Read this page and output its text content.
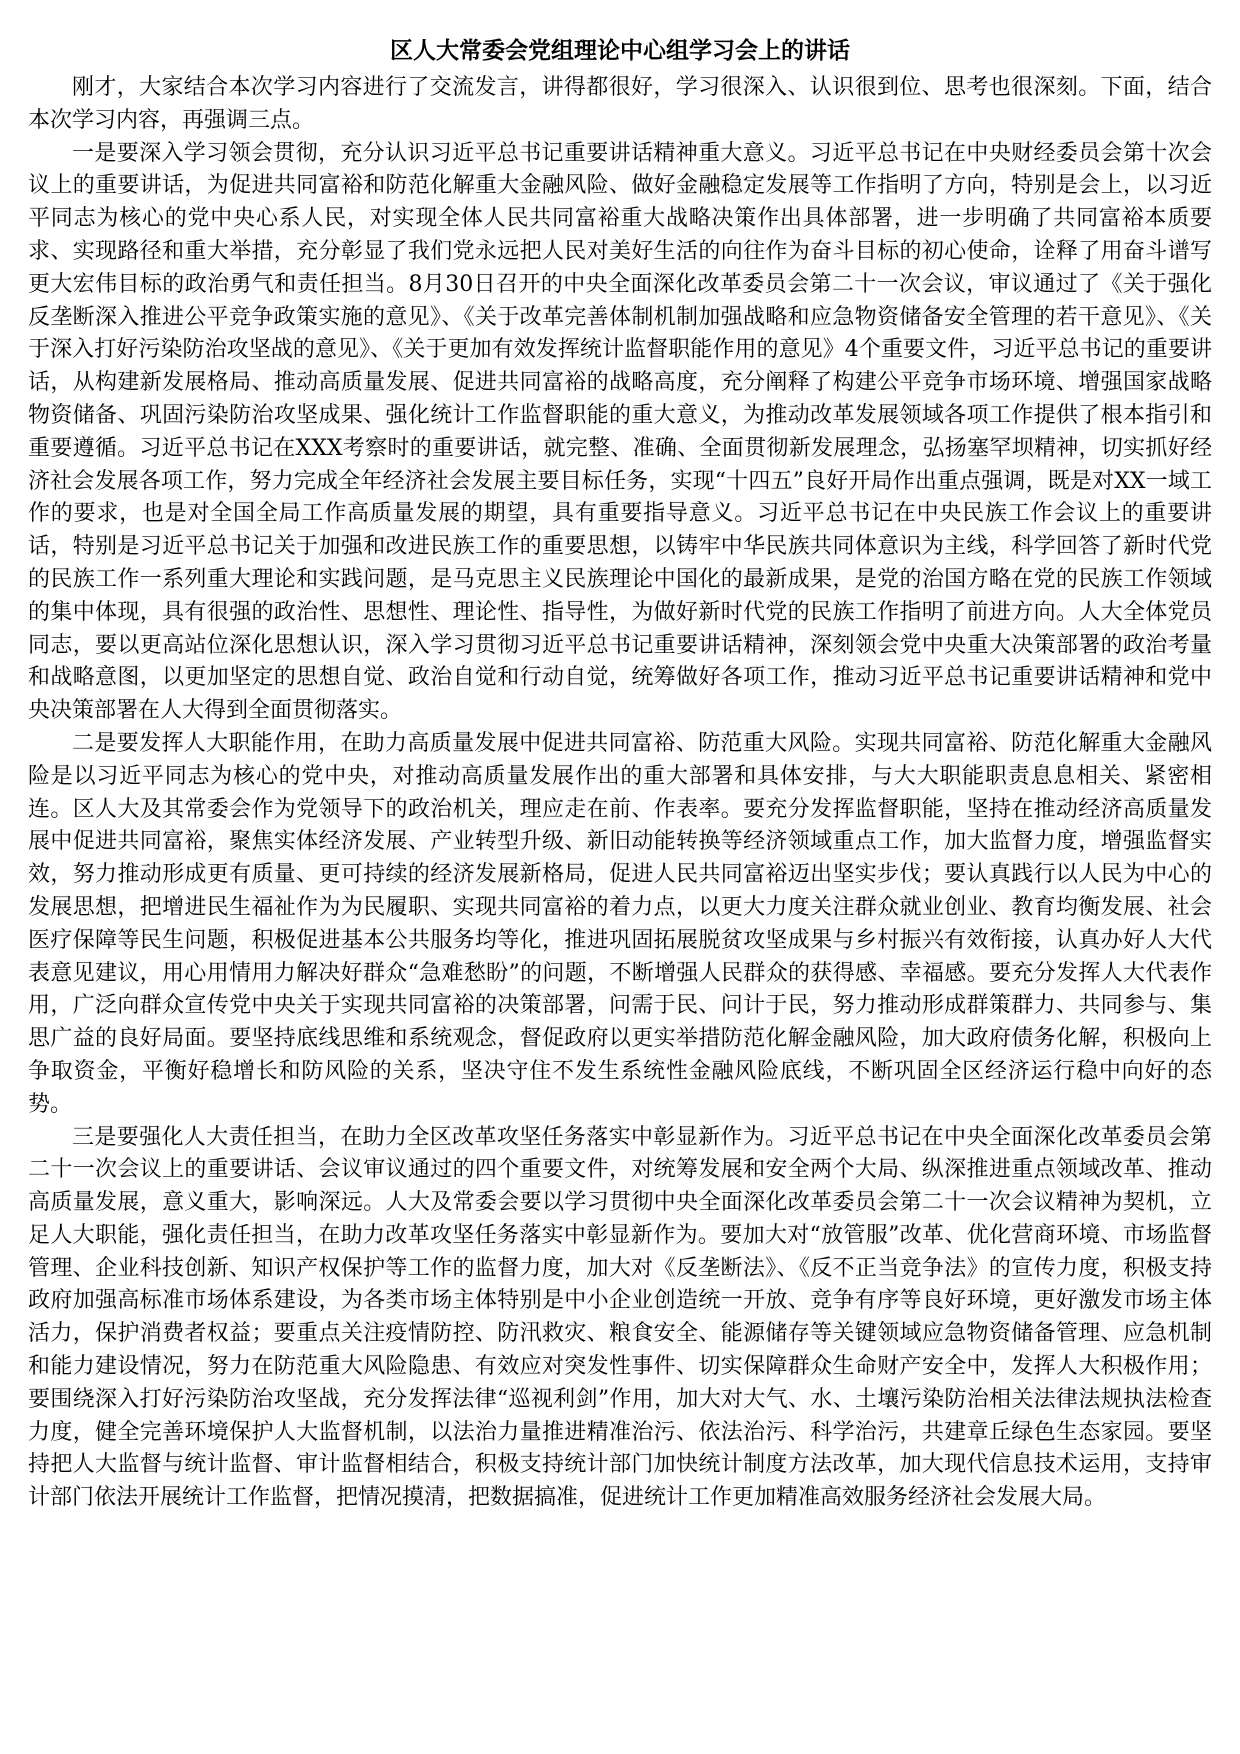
区人大常委会党组理论中心组学习会上的讲话

刚才，大家结合本次学习内容进行了交流发言，讲得都很好，学习很深入、认识很到位、思考也很深刻。下面，结合本次学习内容，再强调三点。

一是要深入学习领会贯彻，充分认识习近平总书记重要讲话精神重大意义。习近平总书记在中央财经委员会第十次会议上的重要讲话，为促进共同富裕和防范化解重大金融风险、做好金融稳定发展等工作指明了方向，特别是会上，以习近平同志为核心的党中央心系人民，对实现全体人民共同富裕重大战略决策作出具体部署，进一步明确了共同富裕本质要求、实现路径和重大举措，充分彰显了我们党永远把人民对美好生活的向往作为奋斗目标的初心使命，诠释了用奋斗谱写更大宏伟目标的政治勇气和责任担当。8月30日召开的中央全面深化改革委员会第二十一次会议，审议通过了《关于强化反垄断深入推进公平竞争政策实施的意见》、《关于改革完善体制机制加强战略和应急物资储备安全管理的若干意见》、《关于深入打好污染防治攻坚战的意见》、《关于更加有效发挥统计监督职能作用的意见》4个重要文件，习近平总书记的重要讲话，从构建新发展格局、推动高质量发展、促进共同富裕的战略高度，充分阐释了构建公平竞争市场环境、增强国家战略物资储备、巩固污染防治攻坚成果、强化统计工作监督职能的重大意义，为推动改革发展领域各项工作提供了根本指引和重要遵循。习近平总书记在XXX考察时的重要讲话，就完整、准确、全面贯彻新发展理念，弘扬塞罕坝精神，切实抓好经济社会发展各项工作，努力完成全年经济社会发展主要目标任务，实现“十四五”良好开局作出重点强调，既是对XX一域工作的要求，也是对全国全局工作高质量发展的期望，具有重要指导意义。习近平总书记在中央民族工作会议上的重要讲话，特别是习近平总书记关于加强和改进民族工作的重要思想，以铸牢中华民族共同体意识为主线，科学回答了新时代党的民族工作一系列重大理论和实践问题，是马克思主义民族理论中国化的最新成果，是党的治国方略在党的民族工作领域的集中体现，具有很强的政治性、思想性、理论性、指导性，为做好新时代党的民族工作指明了前进方向。人大全体党员同志，要以更高站位深化思想认识，深入学习贯彻习近平总书记重要讲话精神，深刻领会党中央重大决策部署的政治考量和战略意图，以更加坚定的思想自觉、政治自觉和行动自觉，统筹做好各项工作，推动习近平总书记重要讲话精神和党中央决策部署在人大得到全面贯彻落实。

二是要发挥人大职能作用，在助力高质量发展中促进共同富裕、防范重大风险。实现共同富裕、防范化解重大金融风险是以习近平同志为核心的党中央，对推动高质量发展作出的重大部署和具体安排，与大大职能职责息息相关、紧密相连。区人大及其常委会作为党领导下的政治机关，理应走在前、作表率。要充分发挥监督职能，坚持在推动经济高质量发展中促进共同富裕，聚焦实体经济发展、产业转型升级、新旧动能转换等经济领域重点工作，加大监督力度，增强监督实效，努力推动形成更有质量、更可持续的经济发展新格局，促进人民共同富裕迈出坚实步伐；要认真践行以人民为中心的发展思想，把增进民生福祉作为为民履职、实现共同富裕的着力点，以更大力度关注群众就业创业、教育均衡发展、社会医疗保障等民生问题，积极促进基本公共服务均等化，推进巩固拓展脱贫攻坚成果与乡村振兴有效衔接，认真办好人大代表意见建议，用心用情用力解决好群众“急难愁盼”的问题，不断增强人民群众的获得感、幸福感。要充分发挥人大代表作用，广泛向群众宣传党中央关于实现共同富裕的决策部署，问需于民、问计于民，努力推动形成群策群力、共同参与、集思广益的良好局面。要坚持底线思维和系统观念，督促政府以更实举措防范化解金融风险，加大政府债务化解，积极向上争取资金，平衡好稳增长和防风险的关系，坚决守住不发生系统性金融风险底线，不断巩固全区经济运行稳中向好的态势。

三是要强化人大责任担当，在助力全区改革攻坚任务落实中彰显新作为。习近平总书记在中央全面深化改革委员会第二十一次会议上的重要讲话、会议审议通过的四个重要文件，对统筹发展和安全两个大局、纵深推进重点领域改革、推动高质量发展，意义重大，影响深远。人大及常委会要以学习贯彻中央全面深化改革委员会第二十一次会议精神为契机，立足人大职能，强化责任担当，在助力改革攻坚任务落实中彰显新作为。要加大对“放管服”改革、优化营商环境、市场监督管理、企业科技创新、知识产权保护等工作的监督力度，加大对《反垄断法》、《反不正当竞争法》的宣传力度，积极支持政府加强高标准市场体系建设，为各类市场主体特别是中小企业创造统一开放、竞争有序等良好环境，更好激发市场主体活力，保护消费者权益；要重点关注疫情防控、防汛救灾、粮食安全、能源储存等关键领域应急物资储备管理、应急机制和能力建设情况，努力在防范重大风险隐患、有效应对突发性事件、切实保障群众生命财产安全中，发挥人大积极作用；要围绕深入打好污染防治攻坚战，充分发挥法律“巡视利剑”作用，加大对大气、水、土壤污染防治相关法律法规执法检查力度，健全完善环境保护人大监督机制，以法治力量推进精准治污、依法治污、科学治污，共建章丘绿色生态家园。要坚持把人大监督与统计监督、审计监督相结合，积极支持统计部门加快统计制度方法改革，加大现代信息技术运用，支持审计部门依法开展统计工作监督，把情况摸清，把数据搞准，促进统计工作更加精准高效服务经济社会发展大局。
